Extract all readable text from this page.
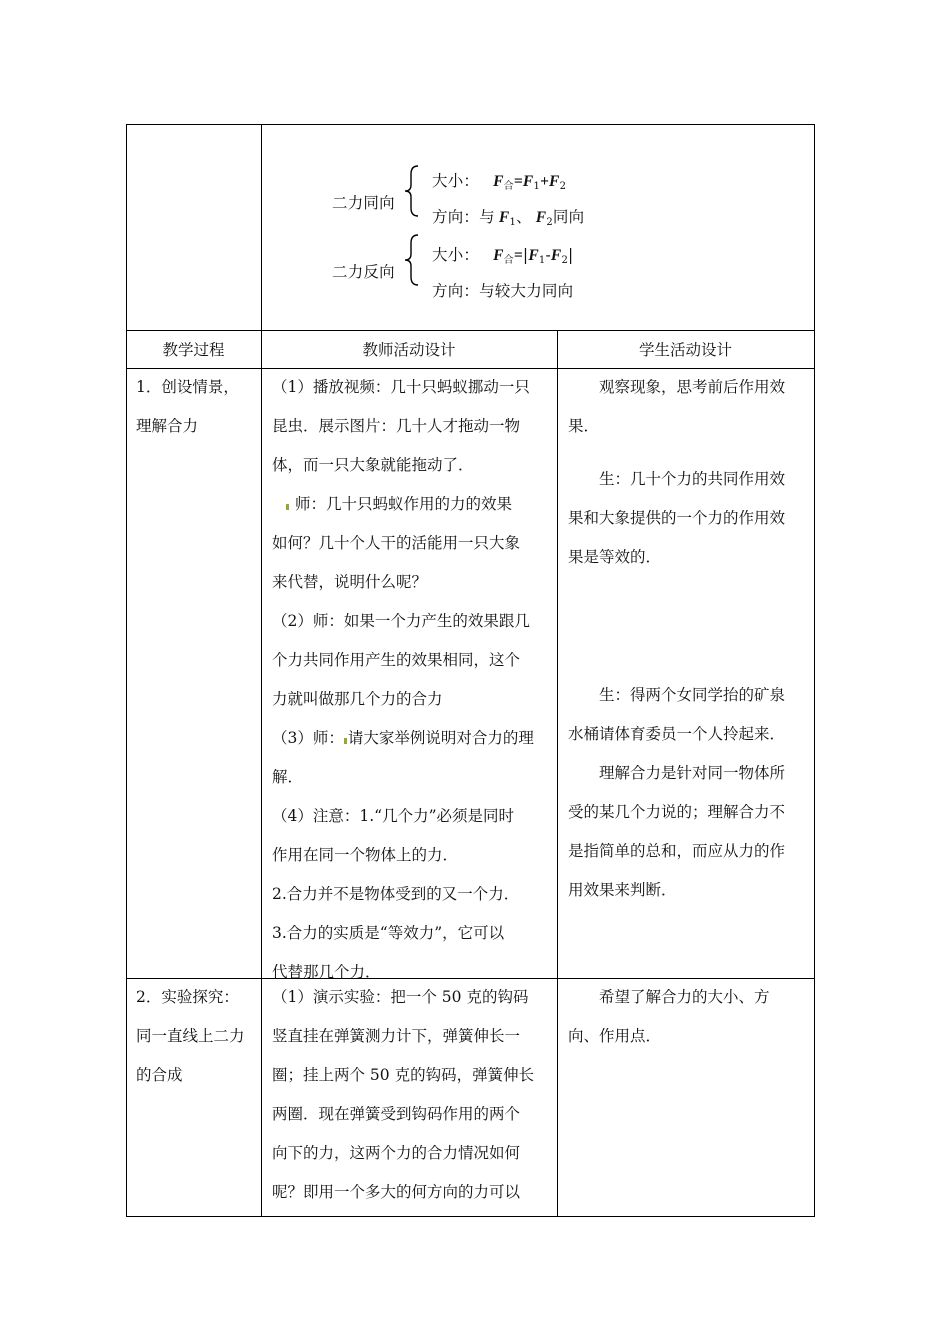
二力同向
大小： $F_合=F_1+F_2$
方向：与 $F_1$、 $F_2$同向
二力反向
大小： $F_合=|F_1-F_2|$
方向：与较大力同向
教学过程	教师活动设计	学生活动设计

1．创设情景，

理解合力

（1）播放视频：几十只蚂蚁挪动一只

昆虫．展示图片：几十人才拖动一物

体，而一只大象就能拖动了．

师：几十只蚂蚁作用的力的效果

如何？几十个人干的活能用一只大象

来代替，说明什么呢？

（2）师：如果一个力产生的效果跟几

个力共同作用产生的效果相同，这个

力就叫做那几个力的合力

（3）师： 请大家举例说明对合力的理

解．

（4）注意：1.“几个力”必须是同时

作用在同一个物体上的力．

2.合力并不是物体受到的又一个力．

3.合力的实质是“等效力”，它可以

代替那几个力．

观察现象，思考前后作用效

果．

生：几十个力的共同作用效

果和大象提供的一个力的作用效

果是等效的．

生：得两个女同学抬的矿泉

水桶请体育委员一个人拎起来．

理解合力是针对同一物体所

受的某几个力说的；理解合力不

是指简单的总和，而应从力的作

用效果来判断．

2．实验探究：

同一直线上二力

的合成

（1）演示实验：把一个 50 克的钩码

竖直挂在弹簧测力计下，弹簧伸长一

圈；挂上两个 50 克的钩码，弹簧伸长

两圈．现在弹簧受到钩码作用的两个

向下的力，这两个力的合力情况如何

呢？即用一个多大的何方向的力可以

希望了解合力的大小、方

向、作用点．
